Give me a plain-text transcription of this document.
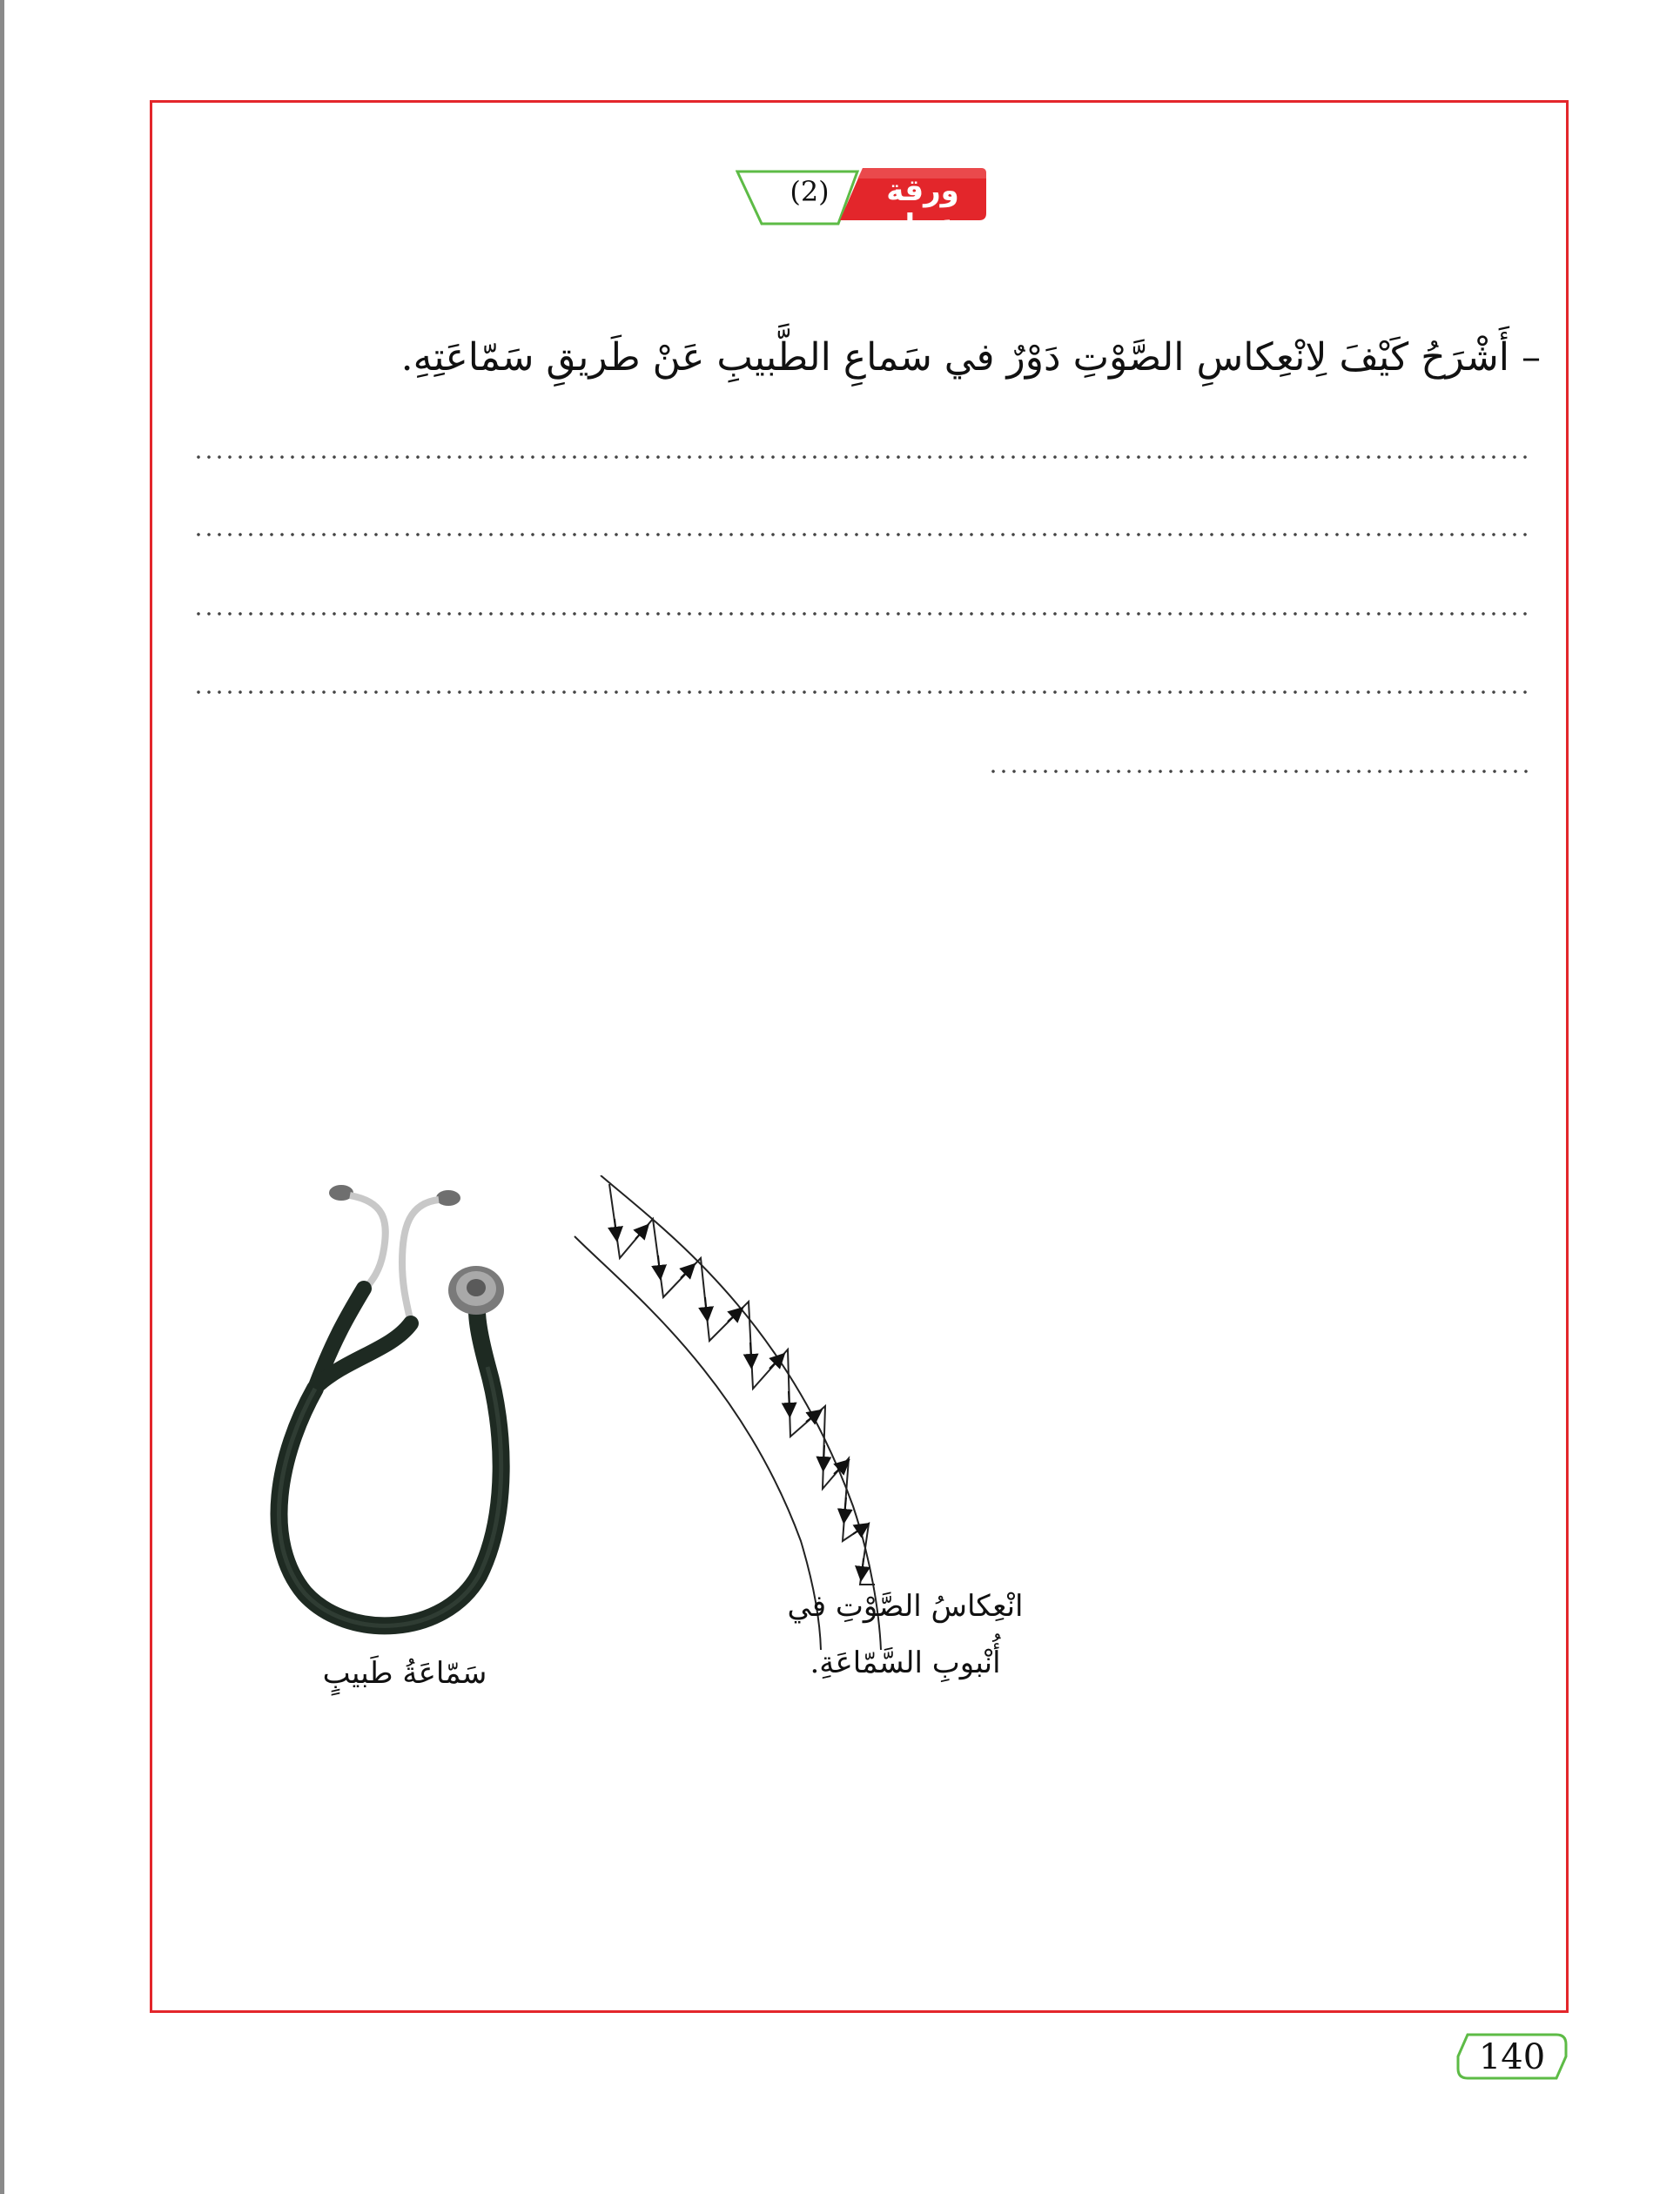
(2)	ورقة عمل
– أَشْرَحُ كَيْفَ لِانْعِكاسِ الصَّوْتِ دَوْرٌ في سَماعِ الطَّبيبِ عَنْ طَريقِ سَمّاعَتِهِ.
سَمّاعَةُ طَبيبٍ
انْعِكاسُ الصَّوْتِ في
أُنْبوبِ السَّمّاعَةِ.
140
